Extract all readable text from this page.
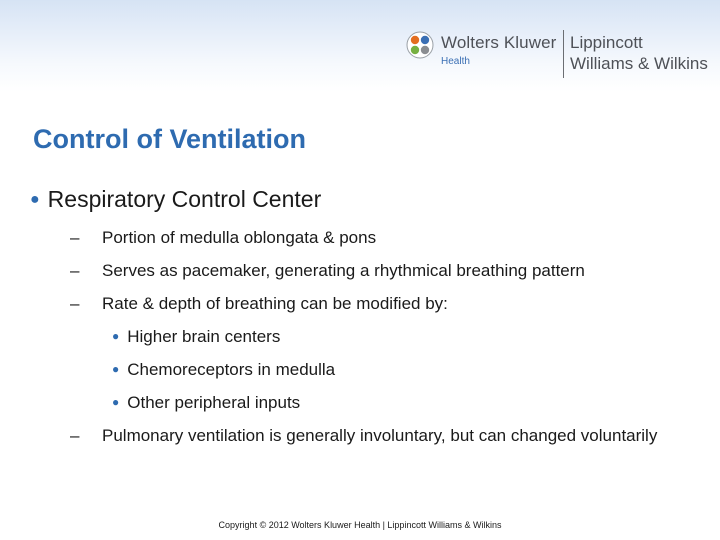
Wolters Kluwer
Health
Lippincott
Williams & Wilkins
Control of Ventilation
● Respiratory Control Center
– Portion of medulla oblongata & pons
– Serves as pacemaker, generating a rhythmical breathing pattern
– Rate & depth of breathing can be modified by:
● Higher brain centers
● Chemoreceptors in medulla
● Other peripheral inputs
– Pulmonary ventilation is generally involuntary, but can changed voluntarily
Copyright © 2012 Wolters Kluwer Health | Lippincott Williams & Wilkins
